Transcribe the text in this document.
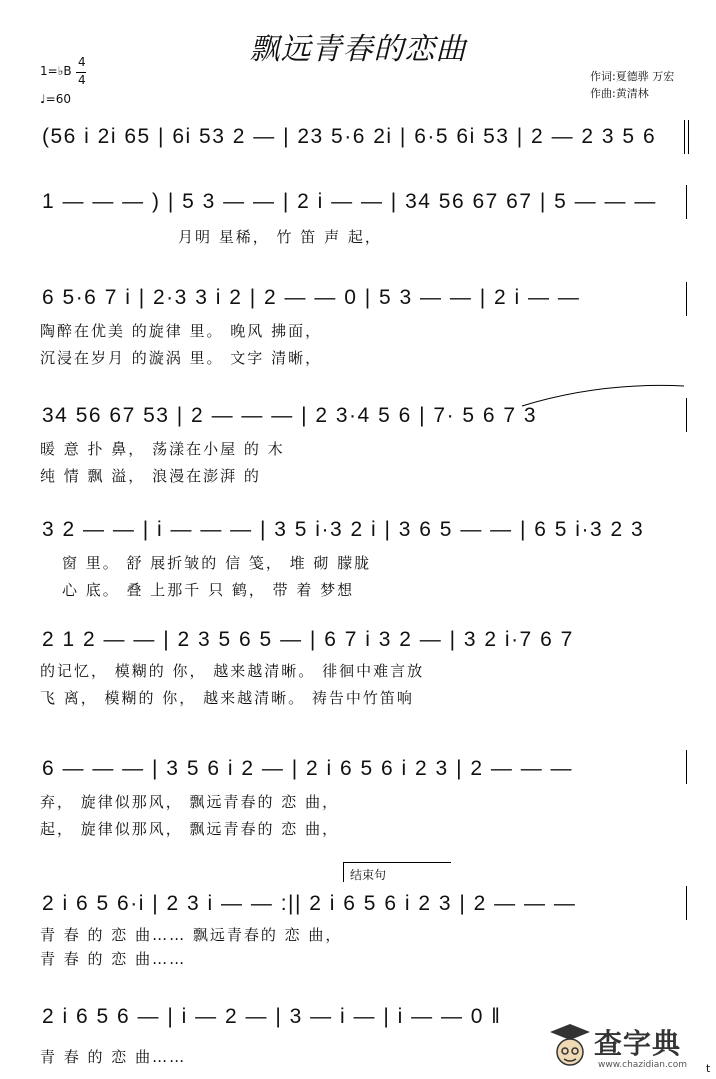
飘远青春的恋曲
1=♭B
4
4
♩=60
作词:夏德骅 万宏
作曲:黄清林
(56 i 2i 65 | 6i 53 2 — | 23 5·6 2i | 6·5 6i 53 | 2 — 2 3 5 6
1 — — — ) | 5 3 — — | 2 i — — | 34 56 67 67 | 5 — — —
月明 星稀， 竹 笛 声 起，
6 5·6 7 i | 2·3 3 i 2 | 2 — — 0 | 5 3 — — | 2 i — —
陶醉在优美 的旋律 里。 晚风 拂面，
沉浸在岁月 的漩涡 里。 文字 清晰，
34 56 67 53 | 2 — — — | 2 3·4 5 6 | 7· 5 6 7 3
暖 意 扑 鼻， 荡漾在小屋 的 木
纯 情 飘 溢， 浪漫在澎湃 的
3 2 — — | i — — — | 3 5 i·3 2 i | 3 6 5 — — | 6 5 i·3 2 3
窗 里。 舒 展折皱的 信 笺， 堆 砌 朦胧
心 底。 叠 上那千 只 鹤， 带 着 梦想
2 1 2 — — | 2 3 5 6 5 — | 6 7 i 3 2 — | 3 2 i·7 6 7
的记忆， 模糊的 你， 越来越清晰。 徘徊中难言放
飞 离， 模糊的 你， 越来越清晰。 祷告中竹笛响
6 — — — | 3 5 6 i 2 — | 2 i 6 5 6 i 2 3 | 2 — — —
弃， 旋律似那风， 飘远青春的 恋 曲，
起， 旋律似那风， 飘远青春的 恋 曲，
结束句
2 i 6 5 6·i | 2 3 i — — :|| 2 i 6 5 6 i 2 3 | 2 — — —
青 春 的 恋 曲…… 飘远青春的 恋 曲，
青 春 的 恋 曲……
2 i 6 5 6 — | i — 2 — | 3 — i — | i — — 0 ‖
青 春 的 恋 曲……	查字典
www.chazidian.com t
